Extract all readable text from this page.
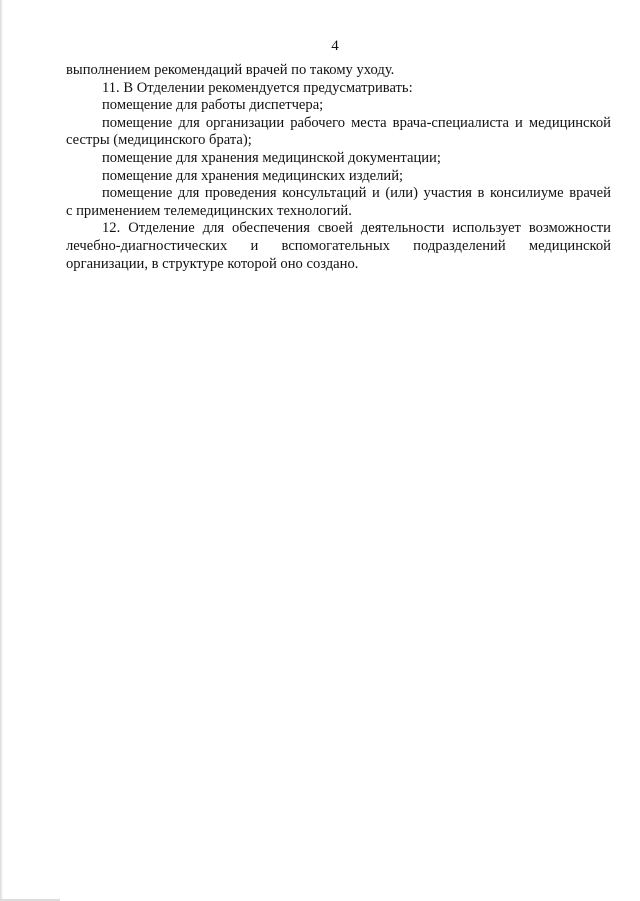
4
выполнением рекомендаций врачей по такому уходу.
11. В Отделении рекомендуется предусматривать:
помещение для работы диспетчера;
помещение для организации рабочего места врача-специалиста и медицинской
сестры (медицинского брата);
помещение для хранения медицинской документации;
помещение для хранения медицинских изделий;
помещение для проведения консультаций и (или) участия в консилиуме врачей
с применением телемедицинских технологий.
12. Отделение для обеспечения своей деятельности использует возможности
лечебно-диагностических и вспомогательных подразделений медицинской
организации, в структуре которой оно создано.
